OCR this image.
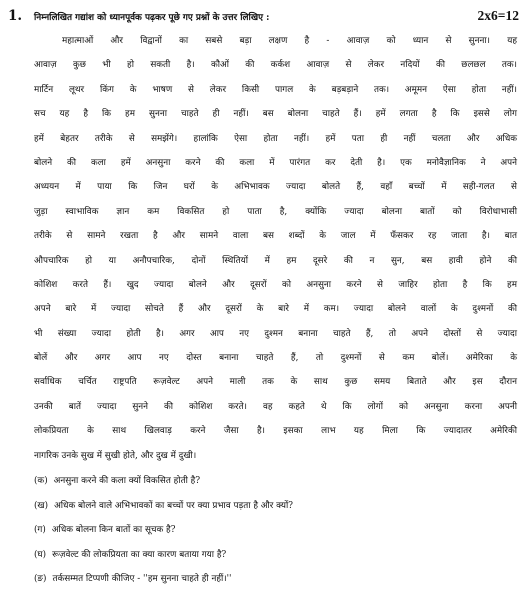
1.	निम्नलिखित गद्यांश को ध्यानपूर्वक पढ़कर पूछे गए प्रश्नों के उत्तर लिखिए :	2x6=12
महात्माओं और विद्वानों का सबसे बड़ा लक्षण है - आवाज़ को ध्यान से सुनना। यह
आवाज़ कुछ भी हो सकती है। कौओं की कर्कश आवाज़ से लेकर नदियों की छलछल तक।
मार्टिन लूथर किंग के भाषण से लेकर किसी पागल के बड़बड़ाने तक। अमूमन ऐसा होता नहीं।
सच यह है कि हम सुनना चाहते ही नहीं। बस बोलना चाहते हैं। हमें लगता है कि इससे लोग
हमें बेहतर तरीके से समझेंगे। हालांकि ऐसा होता नहीं। हमें पता ही नहीं चलता और अधिक
बोलने की कला हमें अनसुना करने की कला में पारंगत कर देती है। एक मनोवैज्ञानिक ने अपने
अध्ययन में पाया कि जिन घरों के अभिभावक ज्यादा बोलते हैं, वहाँ बच्चों में सही-गलत से
जुड़ा स्वाभाविक ज्ञान कम विकसित हो पाता है, क्योंकि ज्यादा बोलना बातों को विरोधाभासी
तरीके से सामने रखता है और सामने वाला बस शब्दों के जाल में फँसकर रह जाता है। बात
औपचारिक हो या अनौपचारिक, दोनों स्थितियों में हम दूसरे की न सुन, बस हावी होने की
कोशिश करते हैं। खुद ज्यादा बोलने और दूसरों को अनसुना करने से जाहिर होता है कि हम
अपने बारे में ज्यादा सोचते हैं और दूसरों के बारे में कम। ज्यादा बोलने वालों के दुश्मनों की
भी संख्या ज्यादा होती है। अगर आप नए दुश्मन बनाना चाहते हैं, तो अपने दोस्तों से ज्यादा
बोलें और अगर आप नए दोस्त बनाना चाहते हैं, तो दुश्मनों से कम बोलें। अमेरिका के
सर्वाधिक चर्चित राष्ट्रपति रूज़वेल्ट अपने माली तक के साथ कुछ समय बिताते और इस दौरान
उनकी बातें ज्यादा सुनने की कोशिश करते। वह कहते थे कि लोगों को अनसुना करना अपनी
लोकप्रियता के साथ खिलवाड़ करने जैसा है। इसका लाभ यह मिला कि ज्यादातर अमेरिकी
नागरिक उनके सुख में सुखी होते, और दुख में दुखी।
(क) अनसुना करने की कला क्यों विकसित होती है?
(ख) अधिक बोलने वाले अभिभावकों का बच्चों पर क्या प्रभाव पड़ता है और क्यों?
(ग) अधिक बोलना किन बातों का सूचक है?
(घ) रूज़वेल्ट की लोकप्रियता का क्या कारण बताया गया है?
(ङ) तर्कसम्मत टिप्पणी कीजिए - ''हम सुनना चाहते ही नहीं।''
